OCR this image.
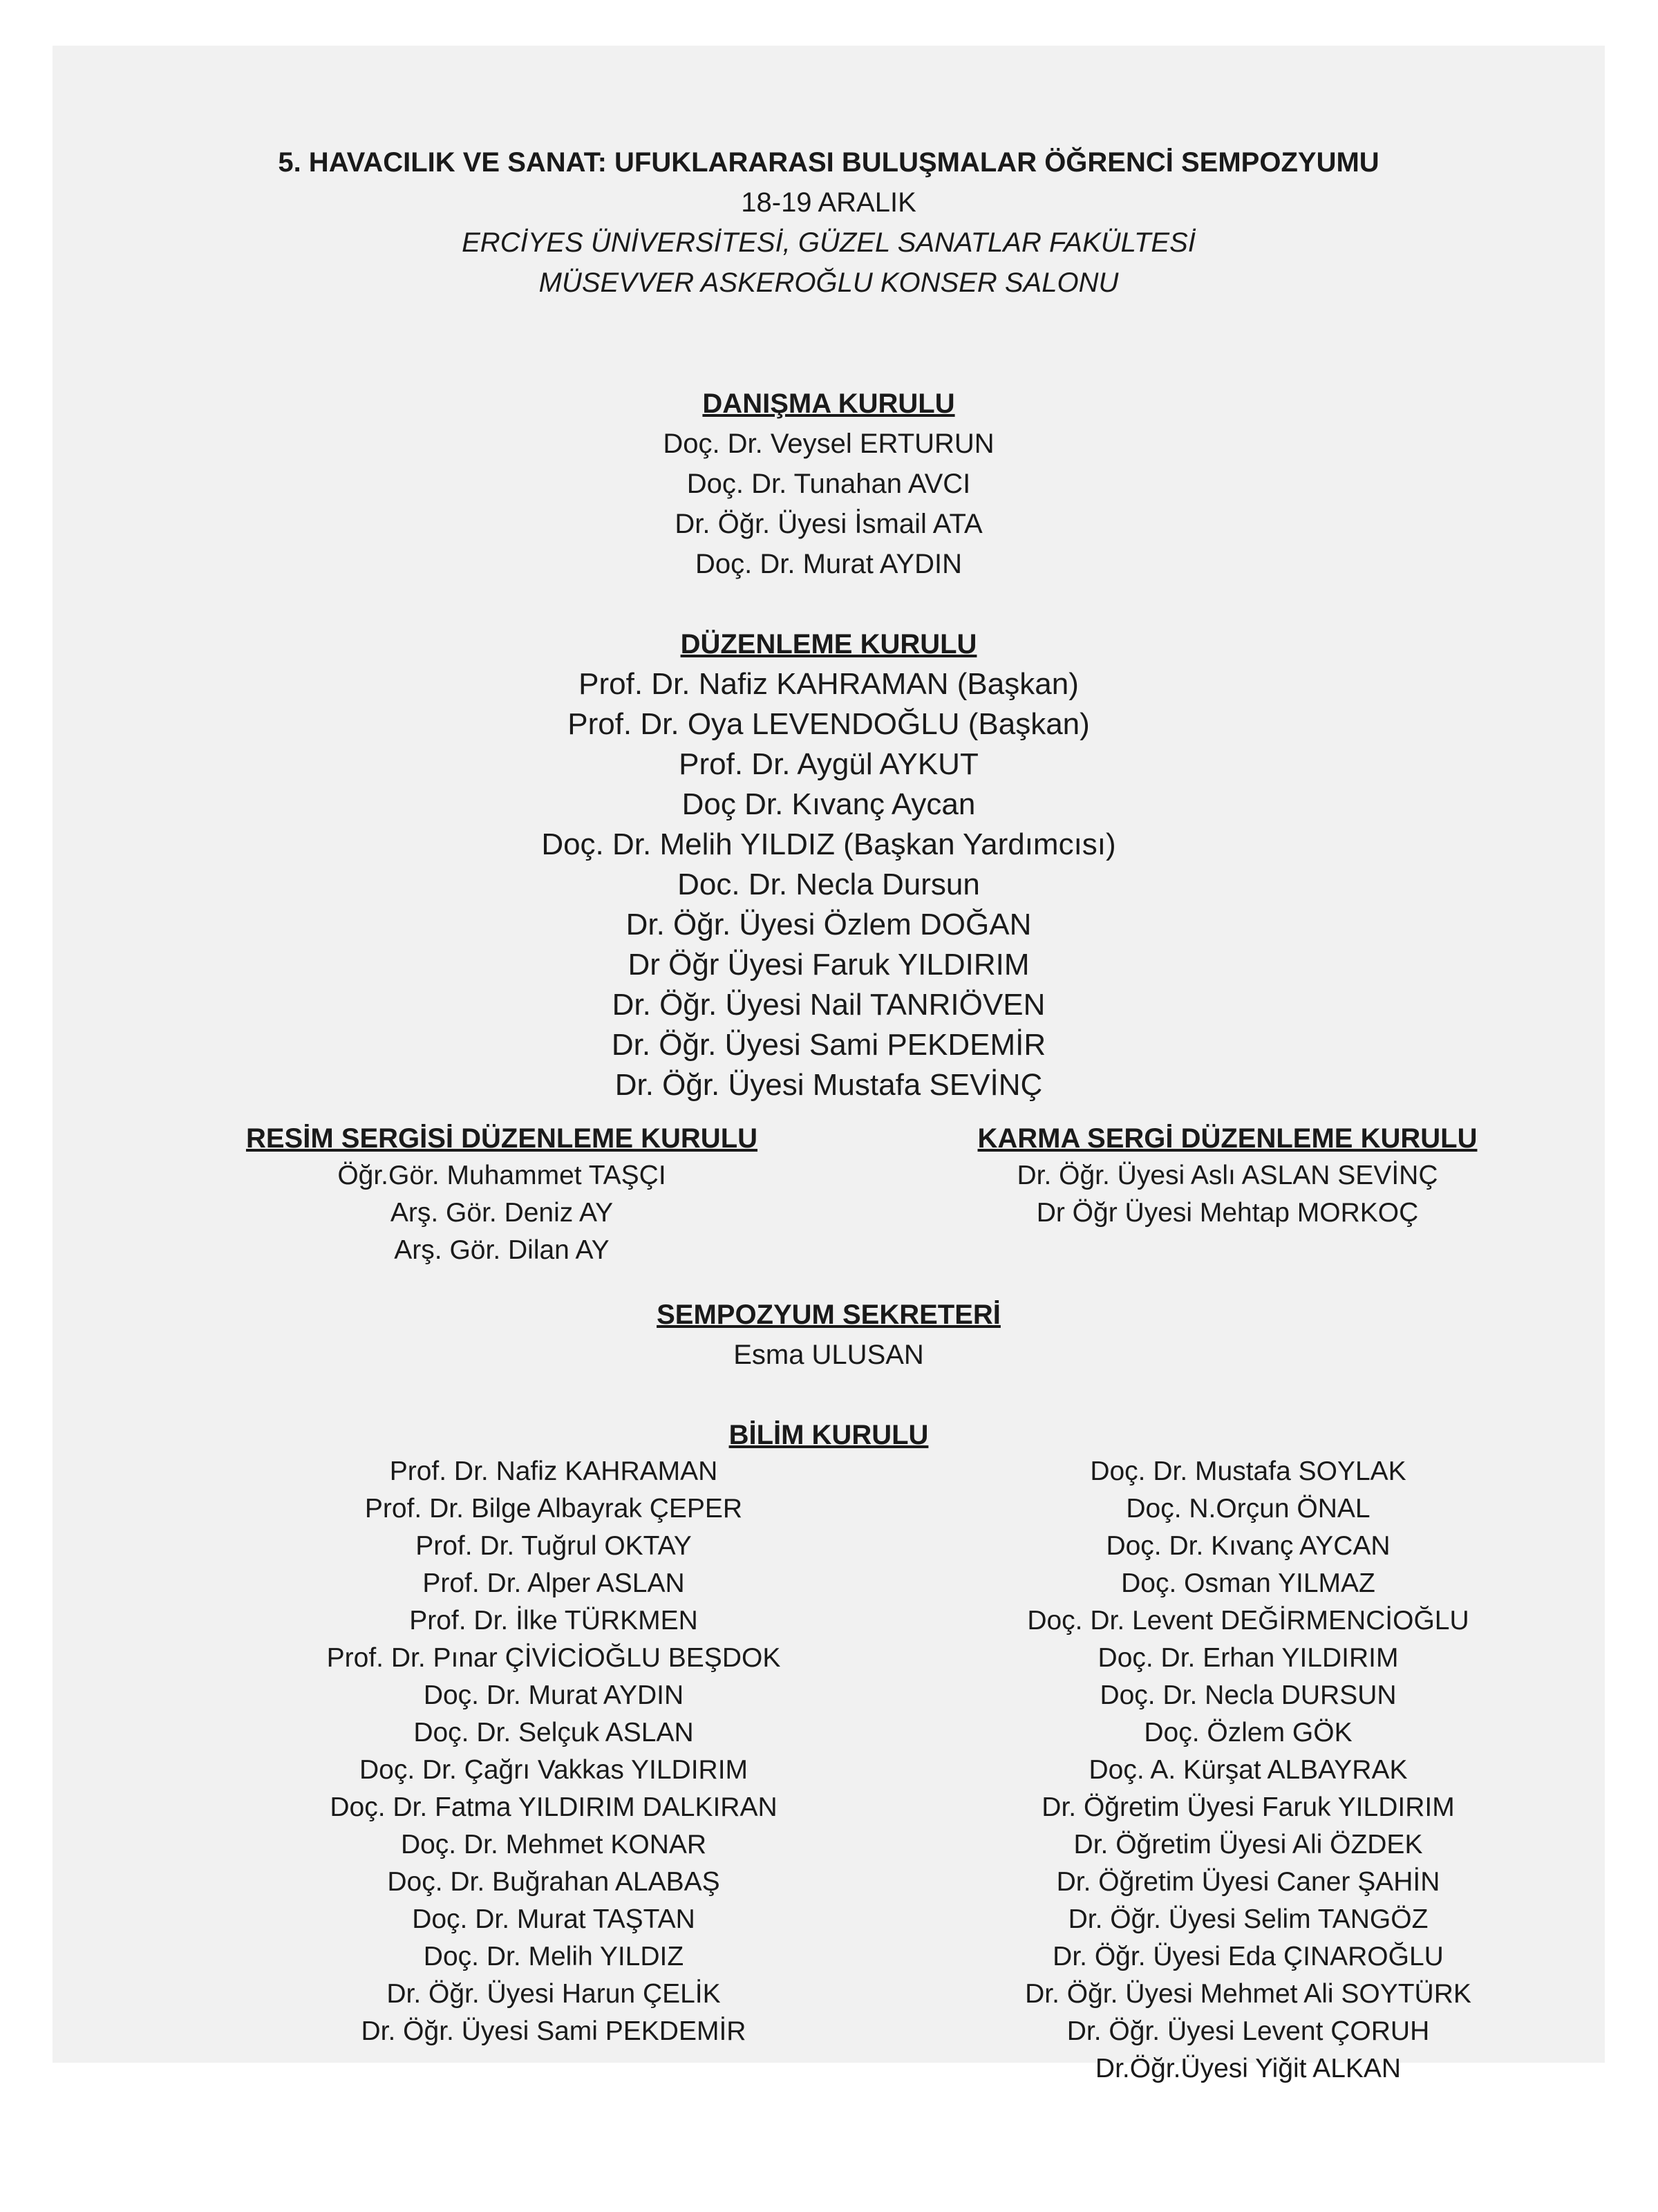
5. HAVACILIK VE SANAT: UFUKLARARASI BULUŞMALAR ÖĞRENCİ SEMPOZYUMU
18-19 ARALIK
ERCİYES ÜNİVERSİTESİ, GÜZEL SANATLAR FAKÜLTESİ
MÜSEVVER ASKEROĞLU KONSER SALONU
DANIŞMA KURULU
Doç. Dr. Veysel ERTURUN
Doç. Dr. Tunahan AVCI
Dr. Öğr. Üyesi İsmail ATA
Doç. Dr. Murat AYDIN
DÜZENLEME KURULU
Prof. Dr. Nafiz KAHRAMAN (Başkan)
Prof. Dr. Oya LEVENDOĞLU (Başkan)
Prof. Dr. Aygül AYKUT
Doç Dr. Kıvanç Aycan
Doç. Dr. Melih YILDIZ (Başkan Yardımcısı)
Doc. Dr. Necla Dursun
Dr. Öğr. Üyesi Özlem DOĞAN
Dr Öğr Üyesi Faruk YILDIRIM
Dr. Öğr. Üyesi Nail TANRIÖVEN
Dr. Öğr. Üyesi Sami PEKDEMİR
Dr. Öğr. Üyesi Mustafa SEVİNÇ
RESİM SERGİSİ DÜZENLEME KURULU
Öğr.Gör. Muhammet TAŞÇI
Arş. Gör. Deniz AY
Arş. Gör. Dilan AY
KARMA SERGİ DÜZENLEME KURULU
Dr. Öğr. Üyesi Aslı ASLAN SEVİNÇ
Dr Öğr Üyesi Mehtap MORKOÇ
SEMPOZYUM SEKRETERİ
Esma ULUSAN
BİLİM KURULU
Prof. Dr. Nafiz KAHRAMAN
Prof. Dr. Bilge Albayrak ÇEPER
Prof. Dr. Tuğrul OKTAY
Prof. Dr. Alper ASLAN
Prof. Dr. İlke TÜRKMEN
Prof. Dr. Pınar ÇİVİCİOĞLU BEŞDOK
Doç. Dr. Murat AYDIN
Doç. Dr. Selçuk ASLAN
Doç. Dr. Çağrı Vakkas YILDIRIM
Doç. Dr. Fatma YILDIRIM DALKIRAN
Doç. Dr. Mehmet KONAR
Doç. Dr. Buğrahan ALABAŞ
Doç. Dr. Murat TAŞTAN
Doç. Dr. Melih YILDIZ
Dr. Öğr. Üyesi Harun ÇELİK
Dr. Öğr. Üyesi Sami PEKDEMİR
Doç. Dr. Mustafa SOYLAK
Doç. N.Orçun ÖNAL
Doç. Dr. Kıvanç AYCAN
Doç. Osman YILMAZ
Doç. Dr. Levent DEĞİRMENCİOĞLU
Doç. Dr. Erhan YILDIRIM
Doç. Dr. Necla DURSUN
Doç. Özlem GÖK
Doç. A. Kürşat ALBAYRAK
Dr. Öğretim Üyesi Faruk YILDIRIM
Dr. Öğretim Üyesi Ali ÖZDEK
Dr. Öğretim Üyesi Caner ŞAHİN
Dr. Öğr. Üyesi Selim TANGÖZ
Dr. Öğr. Üyesi Eda ÇINAROĞLU
Dr. Öğr. Üyesi Mehmet Ali SOYTÜRK
Dr. Öğr. Üyesi Levent ÇORUH
Dr.Öğr.Üyesi Yiğit ALKAN
